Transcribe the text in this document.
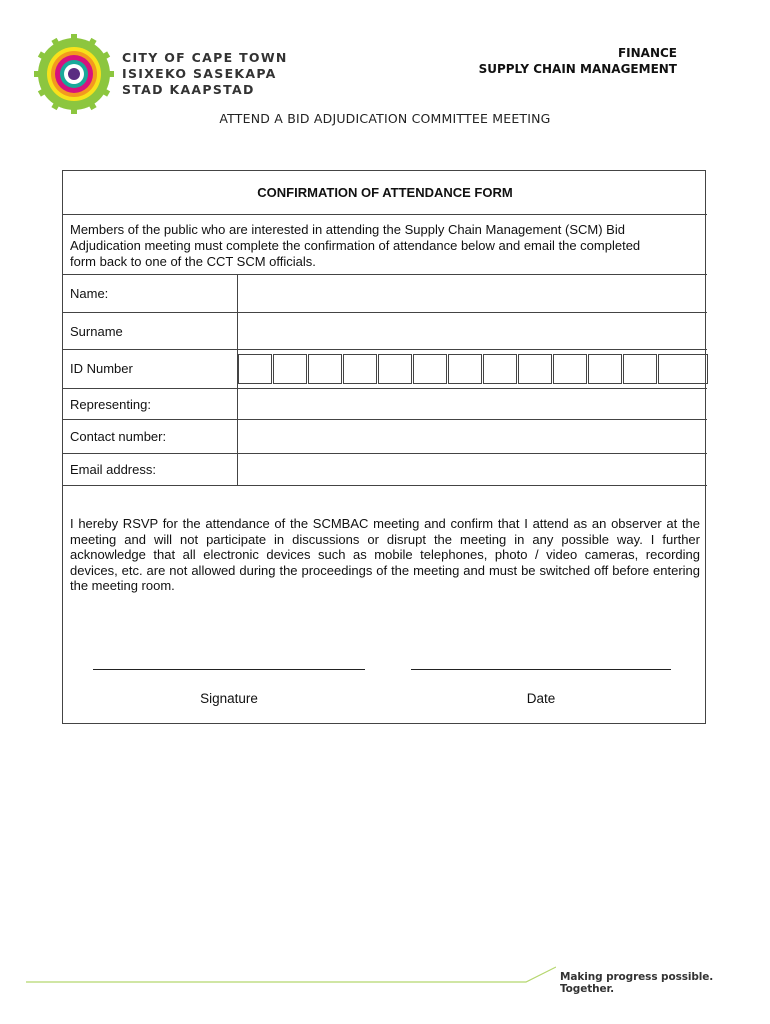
CITY OF CAPE TOWN
ISIXEKO SASEKAPA
STAD KAAPSTAD
FINANCE
SUPPLY CHAIN MANAGEMENT
ATTEND A BID ADJUDICATION COMMITTEE MEETING
CONFIRMATION OF ATTENDANCE FORM
Members of the public who are interested in attending the Supply Chain Management (SCM) Bid
Adjudication meeting must complete the confirmation of attendance below and email the completed
form back to one of the CCT SCM officials.
Name:
Surname
ID Number
Representing:
Contact number:
Email address:
I hereby RSVP for the attendance of the SCMBAC meeting and confirm that I attend as an observer at the meeting and will not participate in discussions or disrupt the meeting in any possible way. I further acknowledge that all electronic devices such as mobile telephones, photo / video cameras, recording devices, etc. are not allowed during the proceedings of the meeting and must be switched off before entering the meeting room.
Signature	Date
Making progress possible. Together.
